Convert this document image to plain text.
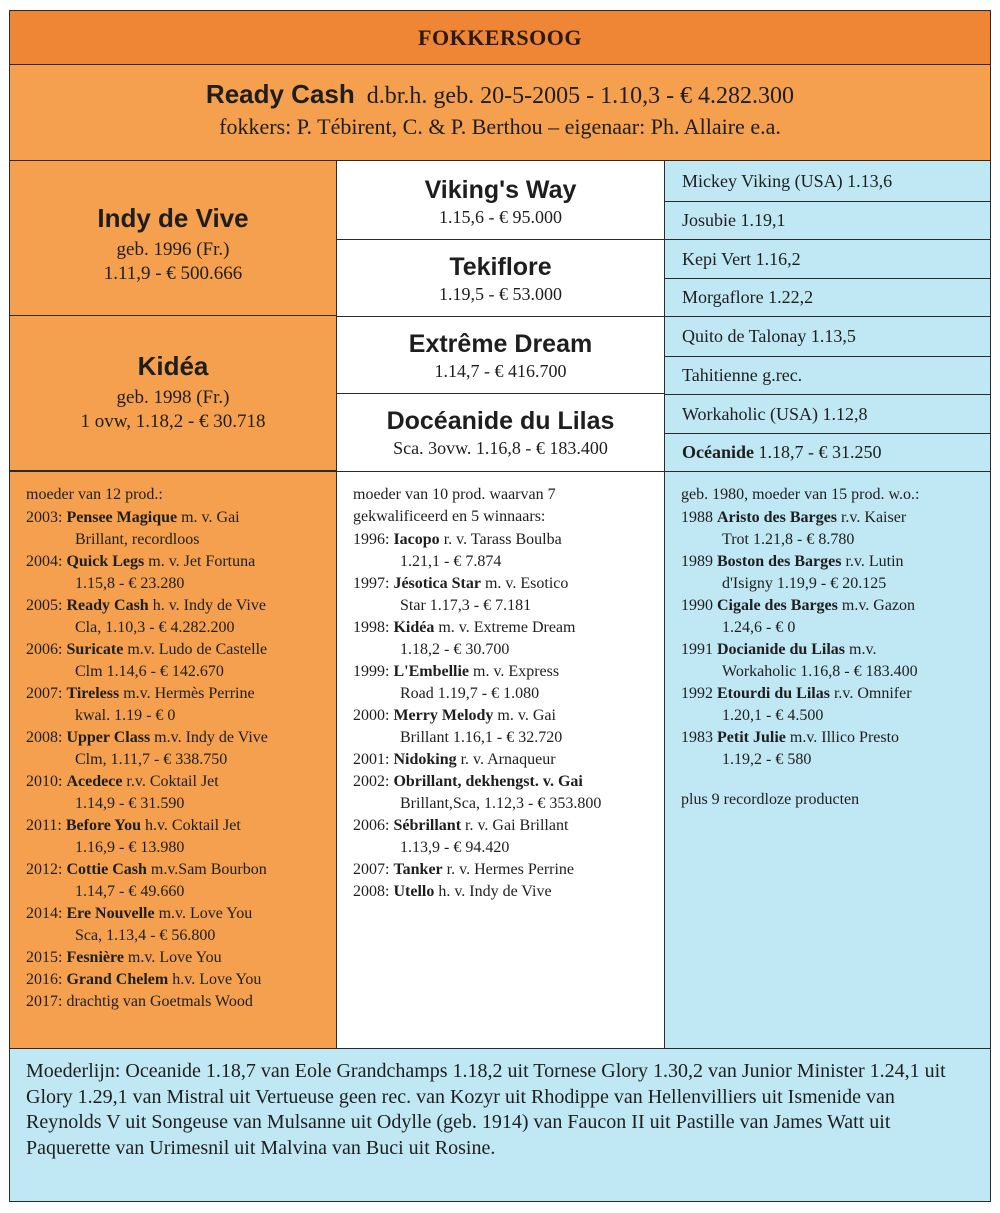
FOKKERSOOG
Ready Cash d.br.h. geb. 20-5-2005 - 1.10,3 - € 4.282.300
fokkers: P. Tébirent, C. & P. Berthou – eigenaar: Ph. Allaire e.a.
Indy de Vive
geb. 1996 (Fr.)
1.11,9 - € 500.666
Kidéa
geb. 1998 (Fr.)
1 ovw, 1.18,2 - € 30.718
Viking's Way
1.15,6 - € 95.000
Tekiflore
1.19,5 - € 53.000
Extrême Dream
1.14,7 - € 416.700
Docéanide du Lilas
Sca. 3ovw. 1.16,8 - € 183.400
Mickey Viking (USA) 1.13,6
Josubie 1.19,1
Kepi Vert 1.16,2
Morgaflore 1.22,2
Quito de Talonay 1.13,5
Tahitienne g.rec.
Workaholic (USA) 1.12,8
Océanide 1.18,7 - € 31.250
moeder van 12 prod.:
2003: Pensee Magique m. v. Gai
Brillant, recordloos
2004: Quick Legs m. v. Jet Fortuna
1.15,8 - € 23.280
2005: Ready Cash h. v. Indy de Vive
Cla, 1.10,3 - € 4.282.200
2006: Suricate m.v. Ludo de Castelle
Clm 1.14,6 - € 142.670
2007: Tireless m.v. Hermès Perrine
kwal. 1.19 - € 0
2008: Upper Class m.v. Indy de Vive
Clm, 1.11,7 - € 338.750
2010: Acedece r.v. Coktail Jet
1.14,9 - € 31.590
2011: Before You h.v. Coktail Jet
1.16,9 - € 13.980
2012: Cottie Cash m.v.Sam Bourbon
1.14,7 - € 49.660
2014: Ere Nouvelle m.v. Love You
Sca, 1.13,4 - € 56.800
2015: Fesnière m.v. Love You
2016: Grand Chelem h.v. Love You
2017: drachtig van Goetmals Wood
moeder van 10 prod. waarvan 7
gekwalificeerd en 5 winnaars:
1996: Iacopo r. v. Tarass Boulba
1.21,1 - € 7.874
1997: Jésotica Star m. v. Esotico
Star 1.17,3 - € 7.181
1998: Kidéa m. v. Extreme Dream
1.18,2 - € 30.700
1999: L'Embellie m. v. Express
Road 1.19,7 - € 1.080
2000: Merry Melody m. v. Gai
Brillant 1.16,1 - € 32.720
2001: Nidoking r. v. Arnaqueur
2002: Obrillant, dekhengst. v. Gai
Brillant,Sca, 1.12,3 - € 353.800
2006: Sébrillant r. v. Gai Brillant
1.13,9 - € 94.420
2007: Tanker r. v. Hermes Perrine
2008: Utello h. v. Indy de Vive
geb. 1980, moeder van 15 prod. w.o.:
1988 Aristo des Barges r.v. Kaiser
Trot 1.21,8 - € 8.780
1989 Boston des Barges r.v. Lutin
d'Isigny 1.19,9 - € 20.125
1990 Cigale des Barges m.v. Gazon
1.24,6 - € 0
1991 Docianide du Lilas m.v.
Workaholic 1.16,8 - € 183.400
1992 Etourdi du Lilas r.v. Omnifer
1.20,1 - € 4.500
1983 Petit Julie m.v. Illico Presto
1.19,2 - € 580
plus 9 recordloze producten
Moederlijn: Oceanide 1.18,7 van Eole Grandchamps 1.18,2 uit Tornese Glory 1.30,2 van Junior Minister 1.24,1 uit Glory 1.29,1 van Mistral uit Vertueuse geen rec. van Kozyr uit Rhodippe van Hellenvilliers uit Ismenide van Reynolds V uit Songeuse van Mulsanne uit Odylle (geb. 1914) van Faucon II uit Pastille van James Watt uit Paquerette van Urimesnil uit Malvina van Buci uit Rosine.
